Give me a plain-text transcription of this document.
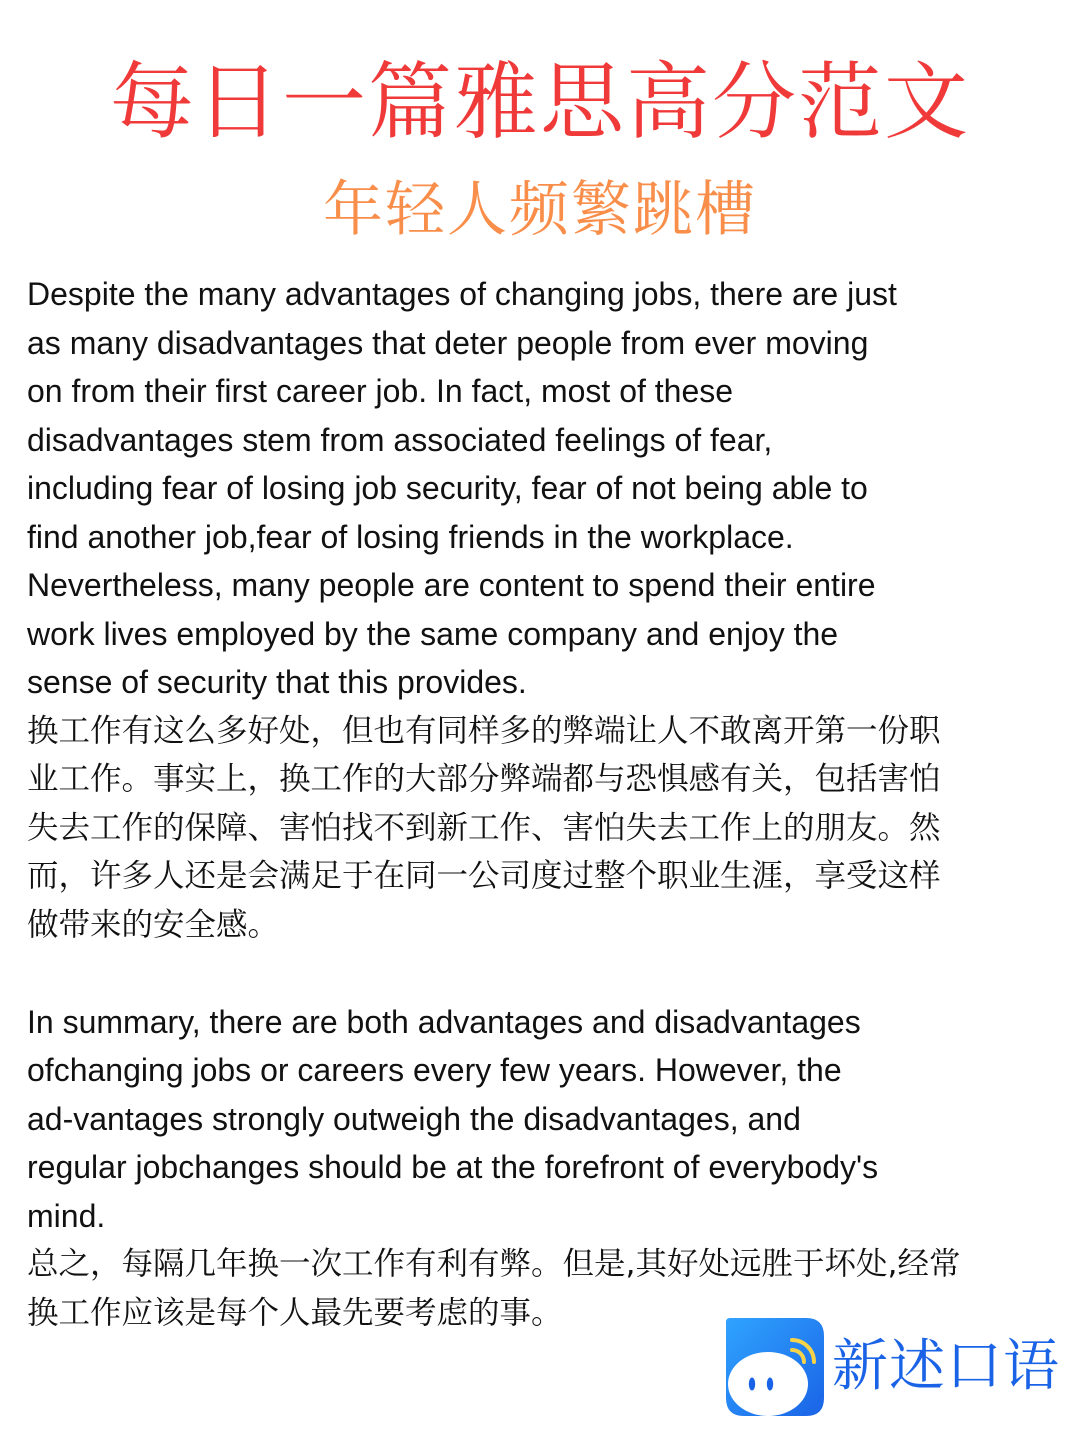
每日一篇雅思高分范文
年轻人频繁跳槽

Despite the many advantages of changing jobs, there are just
as many disadvantages that deter people from ever moving
on from their first career job. In fact, most of these
disadvantages stem from associated feelings of fear,
including fear of losing job security, fear of not being able to
find another job,fear of losing friends in the workplace.
Nevertheless, many people are content to spend their entire
work lives employed by the same company and enjoy the
sense of security that this provides.

换工作有这么多好处，但也有同样多的弊端让人不敢离开第一份职
业工作。事实上，换工作的大部分弊端都与恐惧感有关，包括害怕
失去工作的保障、害怕找不到新工作、害怕失去工作上的朋友。然
而，许多人还是会满足于在同一公司度过整个职业生涯，享受这样
做带来的安全感。

In summary, there are both advantages and disadvantages
ofchanging jobs or careers every few years. However, the
ad-vantages strongly outweigh the disadvantages, and
regular jobchanges should be at the forefront of everybody's
mind.

总之，每隔几年换一次工作有利有弊。但是,其好处远胜于坏处,经常
换工作应该是每个人最先要考虑的事。

新述口语
